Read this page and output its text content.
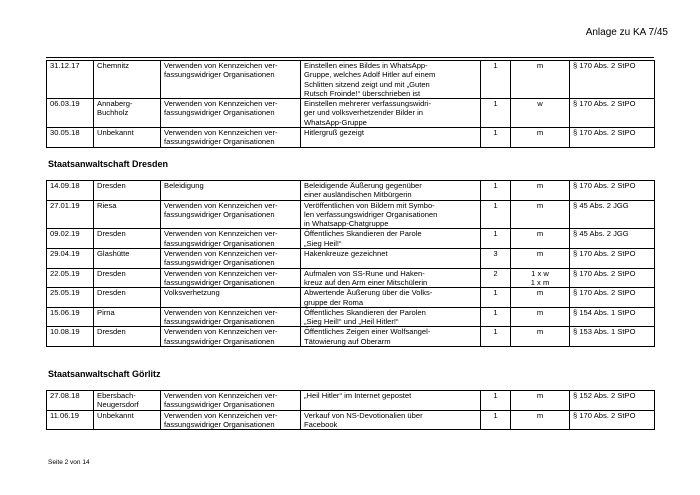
Anlage zu KA 7/45
31.12.17	Chemnitz	Verwenden von Kennzeichen ver-
fassungswidriger Organisationen	Einstellen eines Bildes in WhatsApp-
Gruppe, welches Adolf Hitler auf einem
Schlitten sitzend zeigt und mit „Guten
Rutsch Froinde!“ überschrieben ist	1	m	§ 170 Abs. 2 StPO
06.03.19	Annaberg-
Buchholz	Verwenden von Kennzeichen ver-
fassungswidriger Organisationen	Einstellen mehrerer verfassungswidri-
ger und volksverhetzender Bilder in
WhatsApp-Gruppe	1	w	§ 170 Abs. 2 StPO
30.05.18	Unbekannt	Verwenden von Kennzeichen ver-
fassungswidriger Organisationen	Hitlergruß gezeigt	1	m	§ 170 Abs. 2 StPO
Staatsanwaltschaft Dresden
14.09.18	Dresden	Beleidigung	Beleidigende Äußerung gegenüber
einer ausländischen Mitbürgerin	1	m	§ 170 Abs. 2 StPO
27.01.19	Riesa	Verwenden von Kennzeichen ver-
fassungswidriger Organisationen	Veröffentlichen von Bildern mit Symbo-
len verfassungswidriger Organisationen
in Whatsapp-Chatgruppe	1	m	§ 45 Abs. 2 JGG
09.02.19	Dresden	Verwenden von Kennzeichen ver-
fassungswidriger Organisationen	Öffentliches Skandieren der Parole
„Sieg Heil!“	1	m	§ 45 Abs. 2 JGG
29.04.19	Glashütte	Verwenden von Kennzeichen ver-
fassungswidriger Organisationen	Hakenkreuze gezeichnet	3	m	§ 170 Abs. 2 StPO
22.05.19	Dresden	Verwenden von Kennzeichen ver-
fassungswidriger Organisationen	Aufmalen von SS-Rune und Haken-
kreuz auf den Arm einer Mitschülerin	2	1 x w
1 x m	§ 170 Abs. 2 StPO
25.05.19	Dresden	Volksverhetzung	Abwertende Äußerung über die Volks-
gruppe der Roma	1	m	§ 170 Abs. 2 StPO
15.06.19	Pirna	Verwenden von Kennzeichen ver-
fassungswidriger Organisationen	Öffentliches Skandieren der Parolen
„Sieg Heil!“ und „Heil Hitler!“	1	m	§ 154 Abs. 1 StPO
10.08.19	Dresden	Verwenden von Kennzeichen ver-
fassungswidriger Organisationen	Öffentliches Zeigen einer Wolfsangel-
Tätowierung auf Oberarm	1	m	§ 153 Abs. 1 StPO
Staatsanwaltschaft Görlitz
27.08.18	Ebersbach-
Neugersdorf	Verwenden von Kennzeichen ver-
fassungswidriger Organisationen	„Heil Hitler“ im Internet gepostet	1	m	§ 152 Abs. 2 StPO
11.06.19	Unbekannt	Verwenden von Kennzeichen ver-
fassungswidriger Organisationen	Verkauf von NS-Devotionalien über
Facebook	1	m	§ 170 Abs. 2 StPO
Seite 2 von 14
